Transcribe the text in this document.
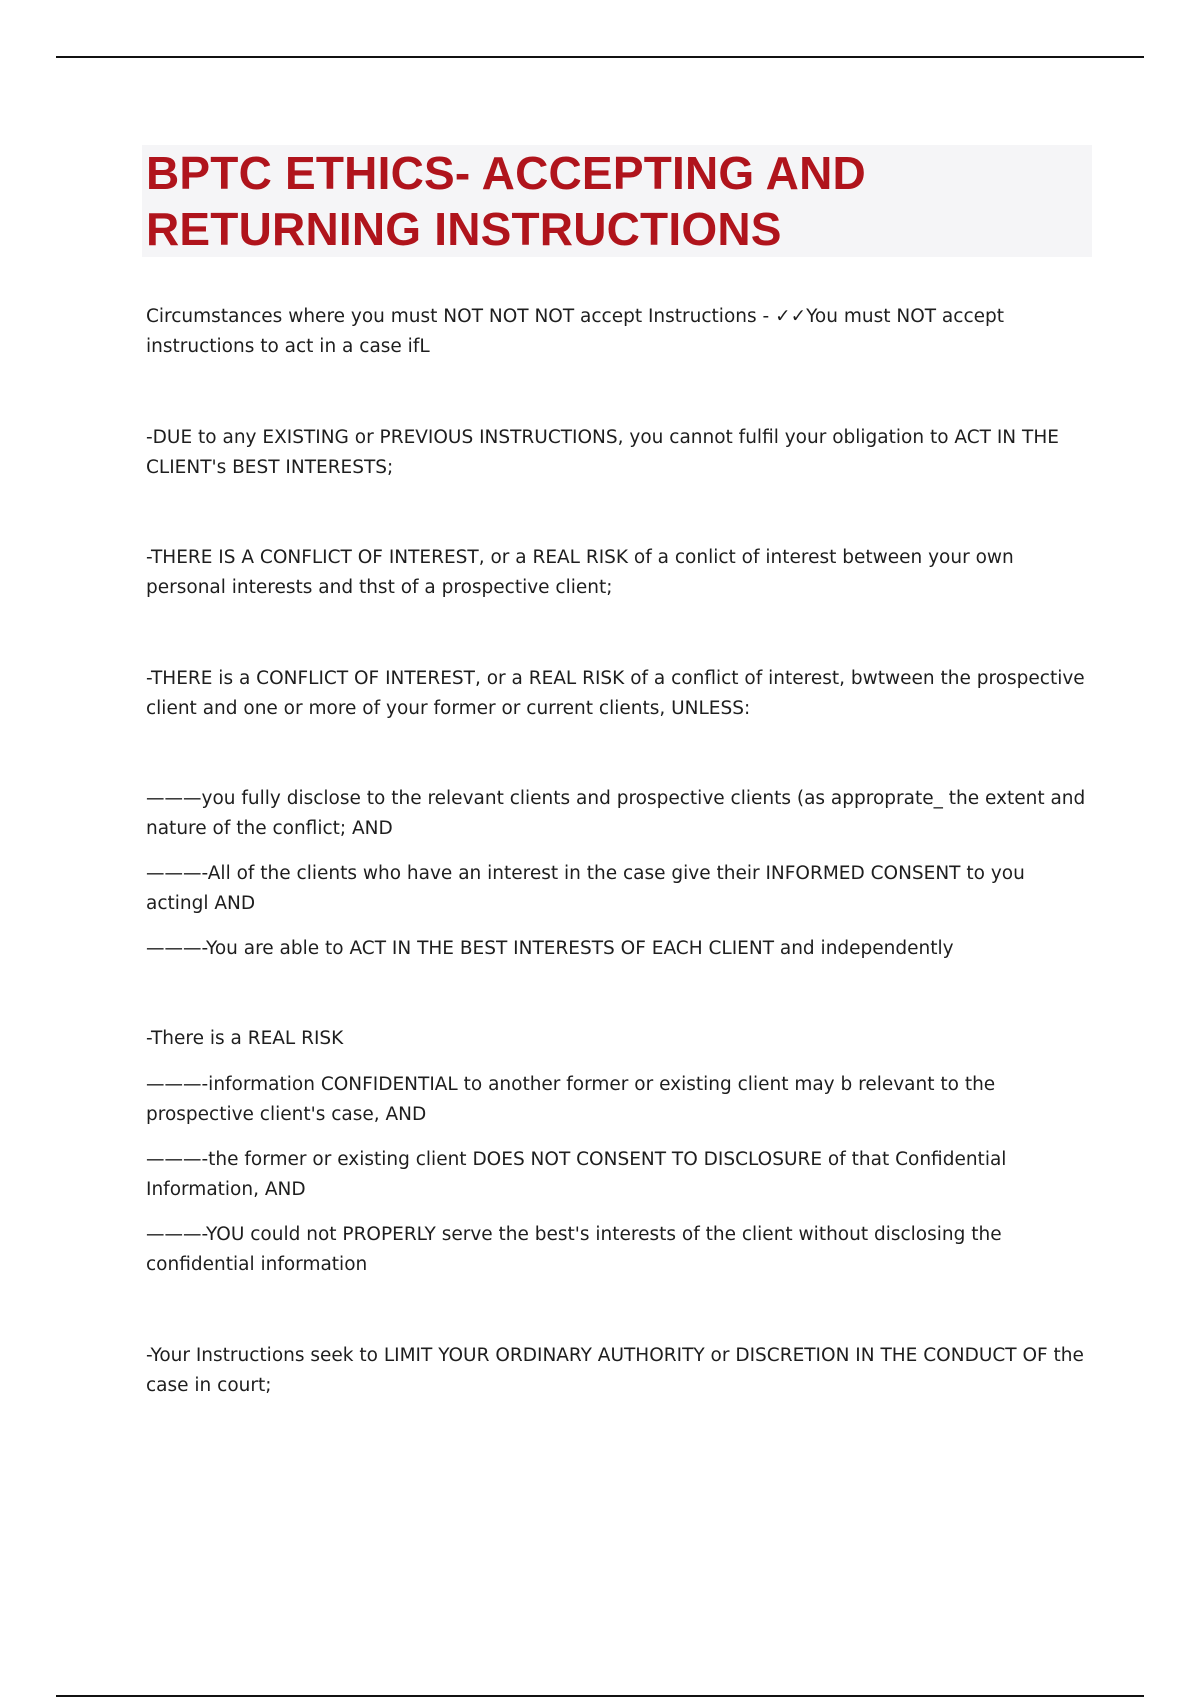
BPTC ETHICS- ACCEPTING AND
RETURNING INSTRUCTIONS

Circumstances where you must NOT NOT NOT accept Instructions - ✓✓You must NOT accept instructions to act in a case ifL

-DUE to any EXISTING or PREVIOUS INSTRUCTIONS, you cannot fulfil your obligation to ACT IN THE CLIENT's BEST INTERESTS;

-THERE IS A CONFLICT OF INTEREST, or a REAL RISK of a conlict of interest between your own personal interests and thst of a prospective client;

-THERE is a CONFLICT OF INTEREST, or a REAL RISK of a conflict of interest, bwtween the prospective client and one or more of your former or current clients, UNLESS:

———you fully disclose to the relevant clients and prospective clients (as approprate_ the extent and nature of the conflict; AND

———-All of the clients who have an interest in the case give their INFORMED CONSENT to you actingl AND

———-You are able to ACT IN THE BEST INTERESTS OF EACH CLIENT and independently

-There is a REAL RISK

———-information CONFIDENTIAL to another former or existing client may b relevant to the prospective client's case, AND

———-the former or existing client DOES NOT CONSENT TO DISCLOSURE of that Confidential Information, AND

———-YOU could not PROPERLY serve the best's interests of the client without disclosing the confidential information

-Your Instructions seek to LIMIT YOUR ORDINARY AUTHORITY or DISCRETION IN THE CONDUCT OF the case in court;
